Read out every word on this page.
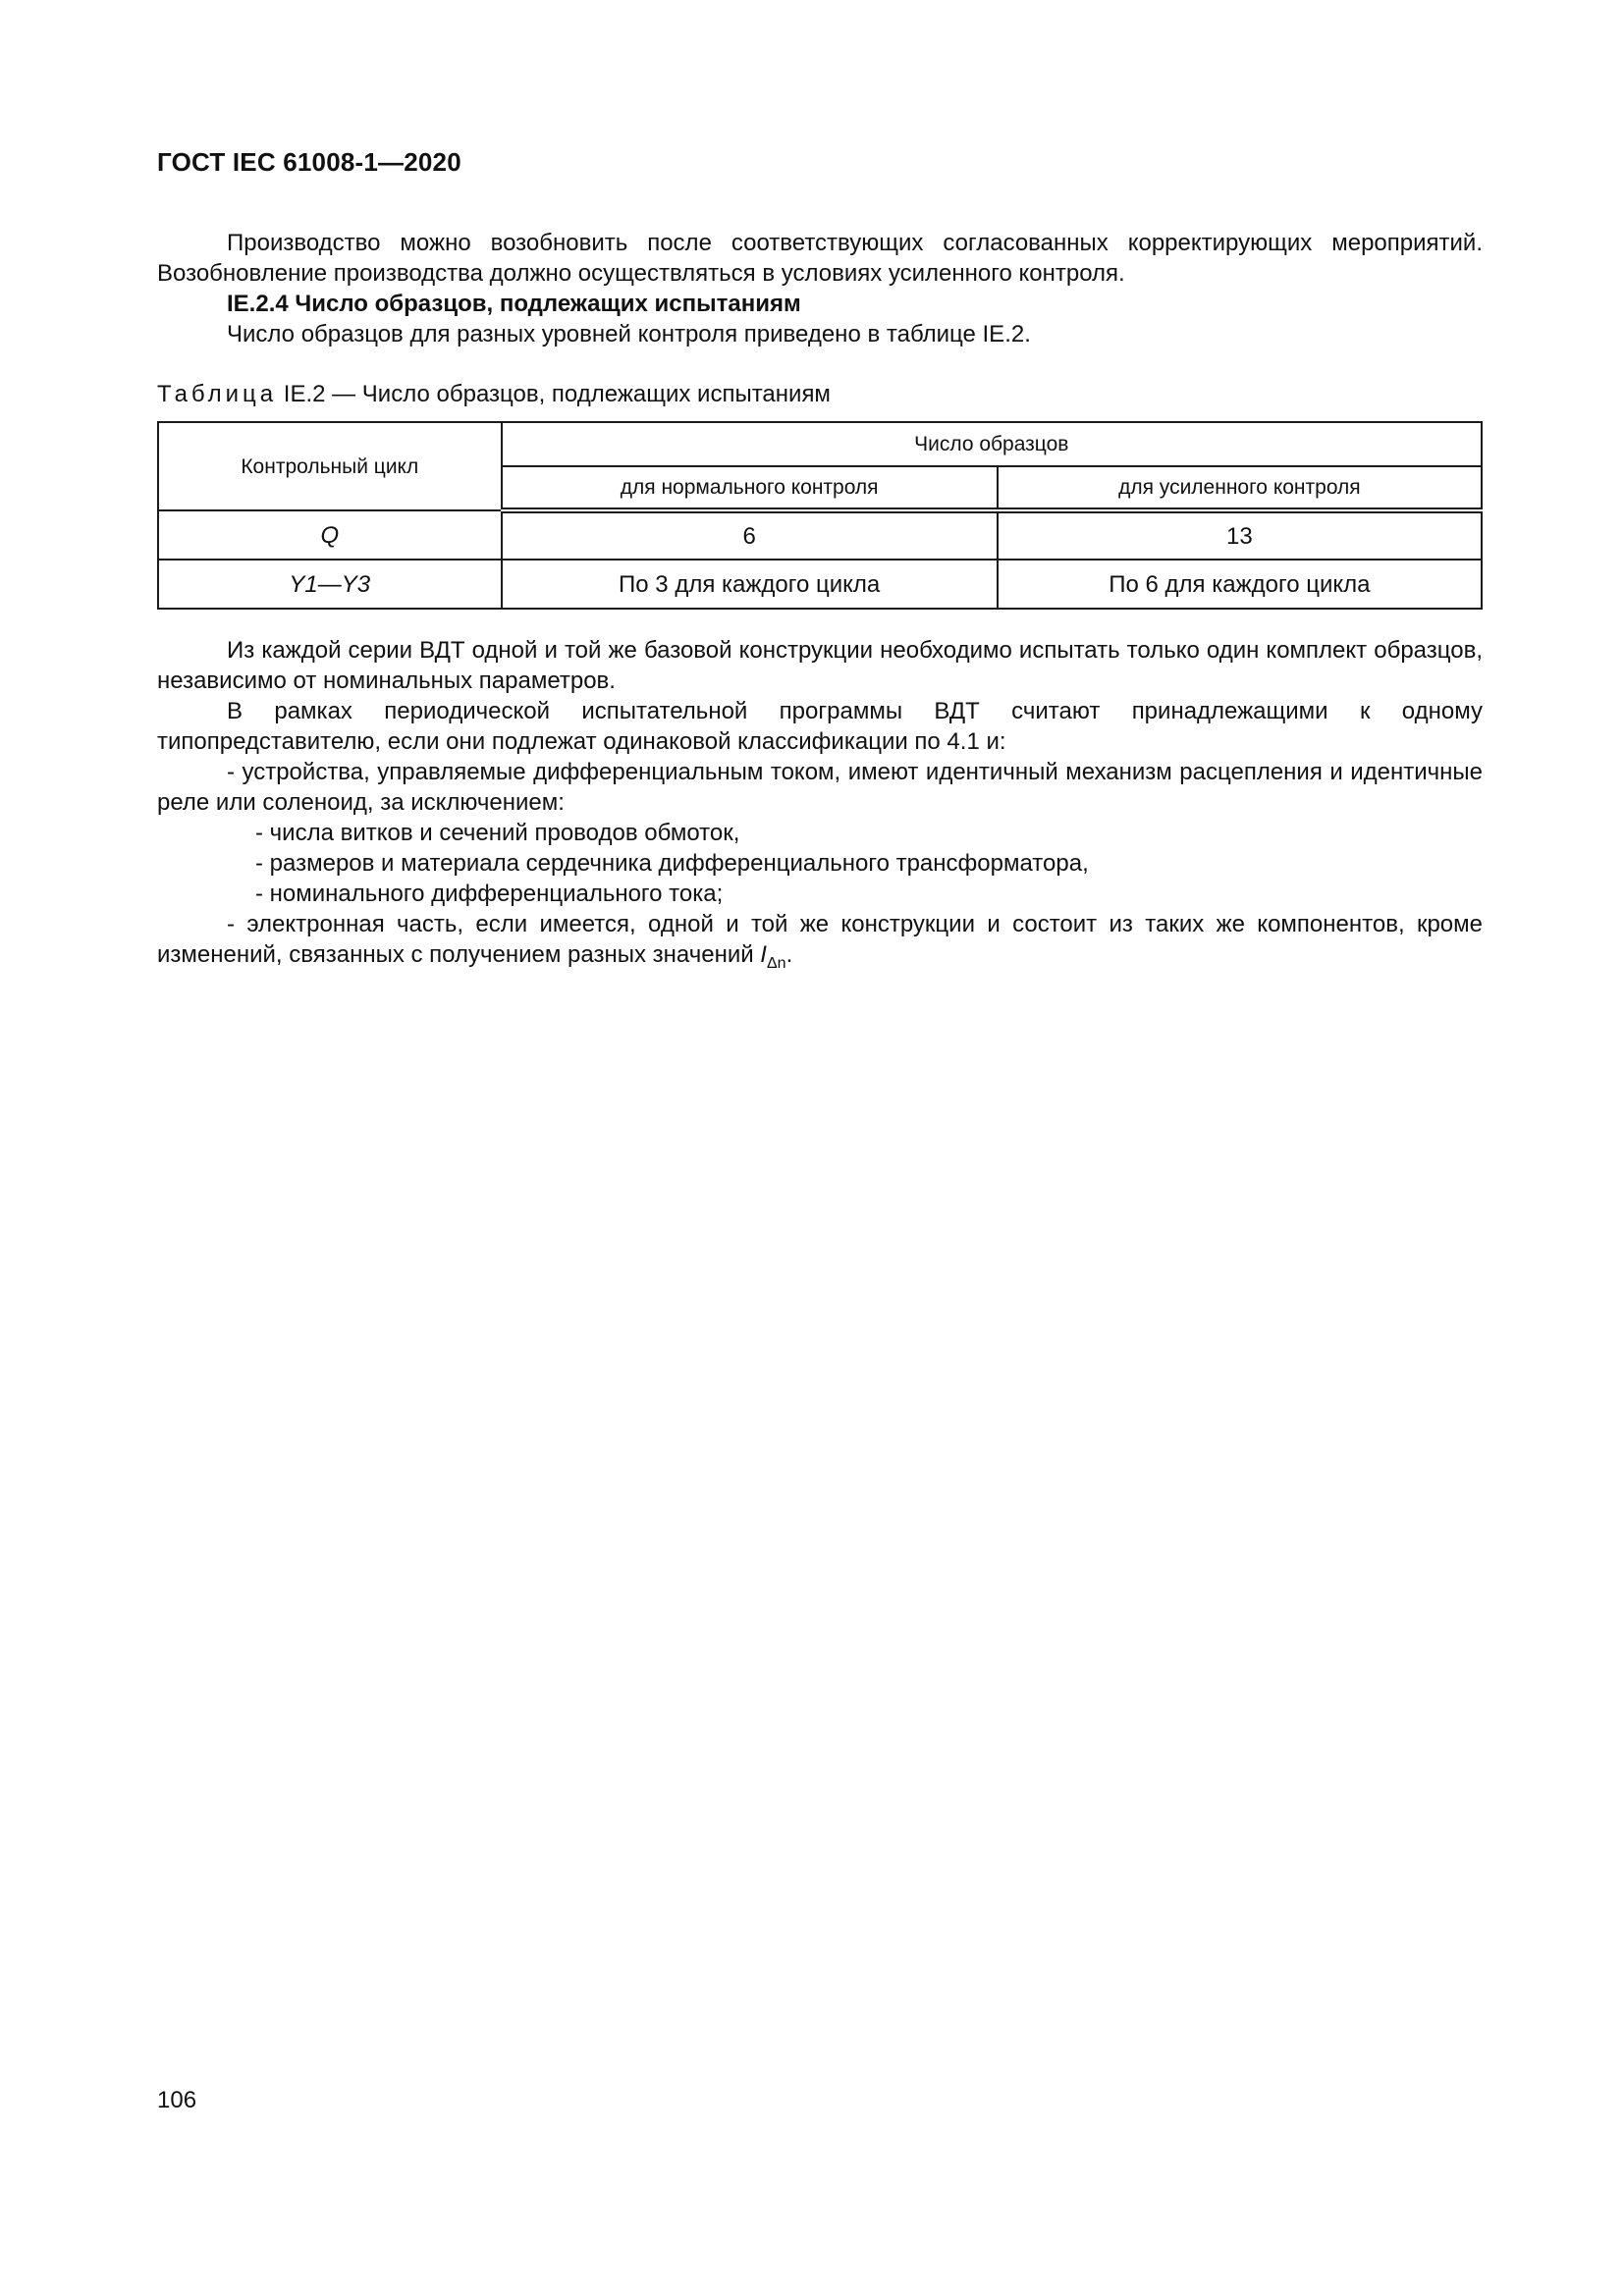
ГОСТ IEC 61008-1—2020

Производство можно возобновить после соответствующих согласованных корректирующих мероприятий. Возобновление производства должно осуществляться в условиях усиленного контроля.

IE.2.4 Число образцов, подлежащих испытаниям

Число образцов для разных уровней контроля приведено в таблице IE.2.

Таблица IE.2 — Число образцов, подлежащих испытаниям

Контрольный цикл	Число образцов	
	для нормального контроля	для усиленного контроля
Q	6	13
Y1—Y3	По 3 для каждого цикла	По 6 для каждого цикла

Из каждой серии ВДТ одной и той же базовой конструкции необходимо испытать только один комплект образцов, независимо от номинальных параметров.

В рамках периодической испытательной программы ВДТ считают принадлежащими к одному типопредставителю, если они подлежат одинаковой классификации по 4.1 и:

- устройства, управляемые дифференциальным током, имеют идентичный механизм расцепления и идентичные реле или соленоид, за исключением:

- числа витков и сечений проводов обмоток,

- размеров и материала сердечника дифференциального трансформатора,

- номинального дифференциального тока;

- электронная часть, если имеется, одной и той же конструкции и состоит из таких же компонентов, кроме изменений, связанных с получением разных значений $I_{\Delta n}$.

106
